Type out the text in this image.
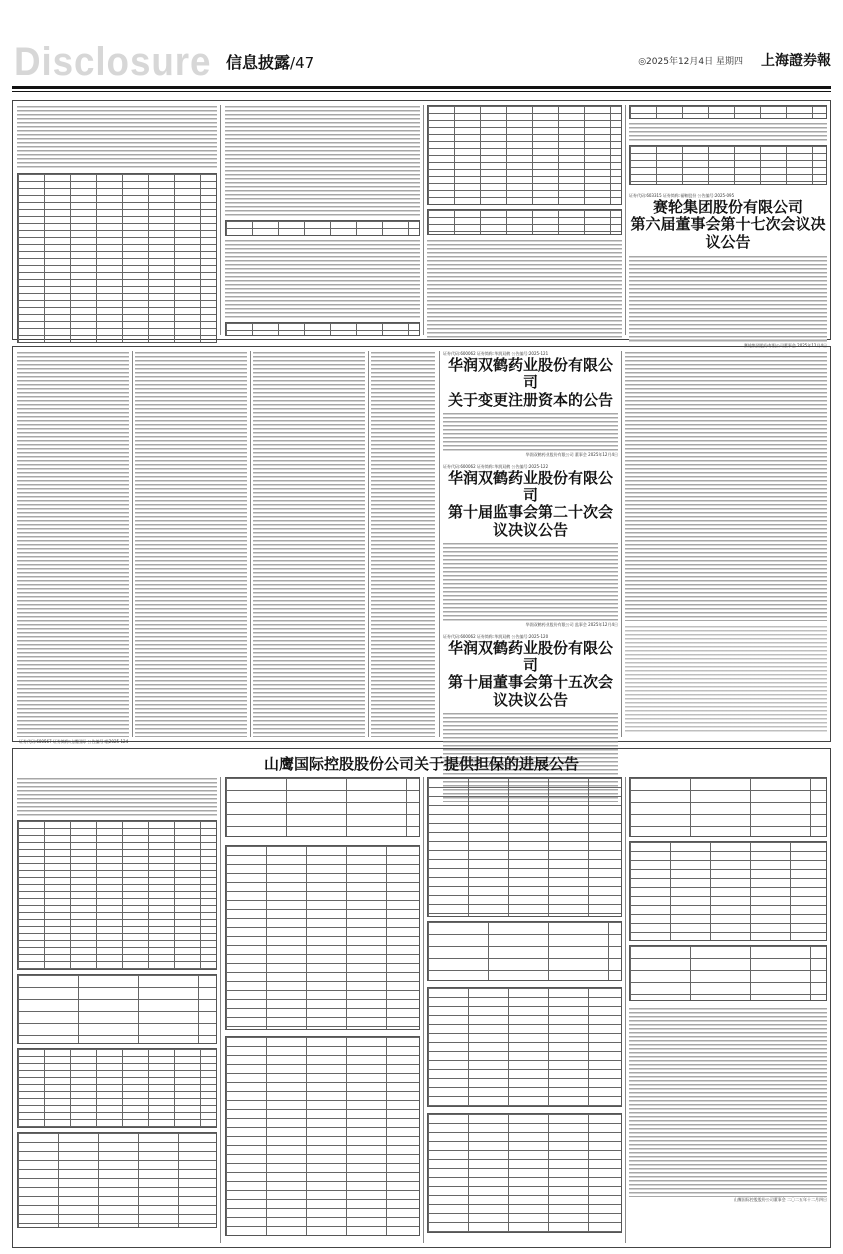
Disclosure 信息披露/47	◎2025年12月4日 星期四 上海證券報
证券代码:603315 证券简称:福鞍股份 公告编号:2025-095
赛轮集团股份有限公司
第六届董事会第十七次会议决议公告
赛轮集团股份有限公司董事会 2025年12月4日
证券代码:600062 证券简称:华润双鹤 公告编号:2025-121
华润双鹤药业股份有限公司
关于变更注册资本的公告
华润双鹤药业股份有限公司 董事会 2025年12月4日
证券代码:600062 证券简称:华润双鹤 公告编号:2025-122
华润双鹤药业股份有限公司
第十届监事会第二十次会议决议公告
华润双鹤药业股份有限公司 监事会 2025年12月4日
证券代码:600062 证券简称:华润双鹤 公告编号:2025-120
华润双鹤药业股份有限公司
第十届董事会第十五次会议决议公告
山鹰国际控股股份公司关于提供担保的进展公告
证券代码:600567 证券简称:山鹰国际 公告编号:临2025-124
山鹰国际控股股份公司董事会 二〇二五年十二月四日
